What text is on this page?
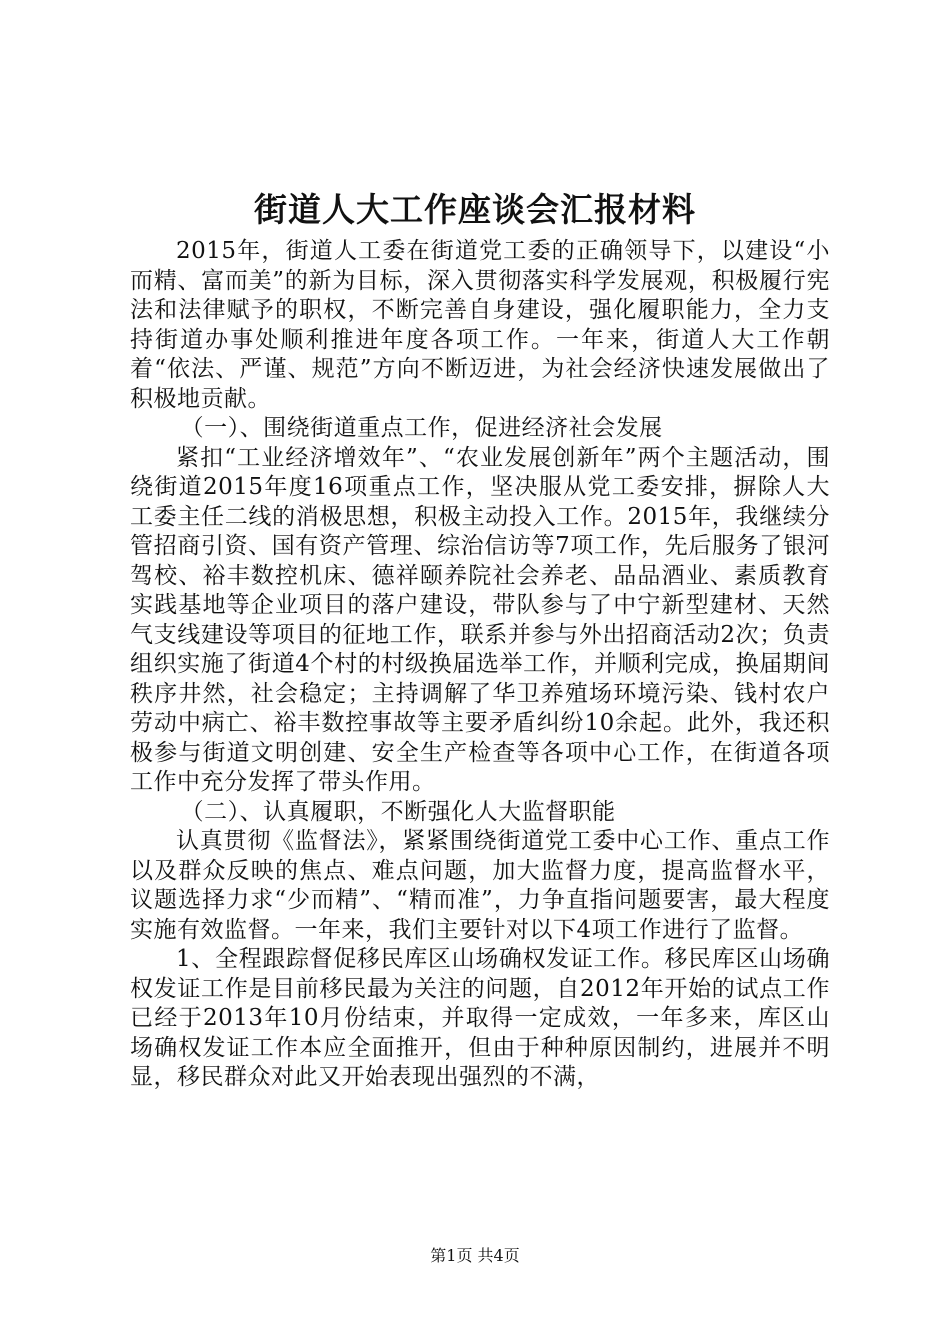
街道人大工作座谈会汇报材料

2015年，街道人工委在街道党工委的正确领导下，以建设“小而精、富而美”的新为目标，深入贯彻落实科学发展观，积极履行宪法和法律赋予的职权，不断完善自身建设，强化履职能力，全力支持街道办事处顺利推进年度各项工作。一年来，街道人大工作朝着“依法、严谨、规范”方向不断迈进，为社会经济快速发展做出了积极地贡献。

（一）、围绕街道重点工作，促进经济社会发展

紧扣“工业经济增效年”、“农业发展创新年”两个主题活动，围绕街道2015年度16项重点工作，坚决服从党工委安排，摒除人大工委主任二线的消极思想，积极主动投入工作。2015年，我继续分管招商引资、国有资产管理、综治信访等7项工作，先后服务了银河驾校、裕丰数控机床、德祥颐养院社会养老、品品酒业、素质教育实践基地等企业项目的落户建设，带队参与了中宁新型建材、天然气支线建设等项目的征地工作，联系并参与外出招商活动2次；负责组织实施了街道4个村的村级换届选举工作，并顺利完成，换届期间秩序井然，社会稳定；主持调解了华卫养殖场环境污染、钱村农户劳动中病亡、裕丰数控事故等主要矛盾纠纷10余起。此外，我还积极参与街道文明创建、安全生产检查等各项中心工作，在街道各项工作中充分发挥了带头作用。

（二）、认真履职，不断强化人大监督职能

认真贯彻《监督法》，紧紧围绕街道党工委中心工作、重点工作以及群众反映的焦点、难点问题，加大监督力度，提高监督水平，议题选择力求“少而精”、“精而准”，力争直指问题要害，最大程度实施有效监督。一年来，我们主要针对以下4项工作进行了监督。

1、全程跟踪督促移民库区山场确权发证工作。移民库区山场确权发证工作是目前移民最为关注的问题，自2012年开始的试点工作已经于2013年10月份结束，并取得一定成效，一年多来，库区山场确权发证工作本应全面推开，但由于种种原因制约，进展并不明显，移民群众对此又开始表现出强烈的不满，

第1页 共4页
